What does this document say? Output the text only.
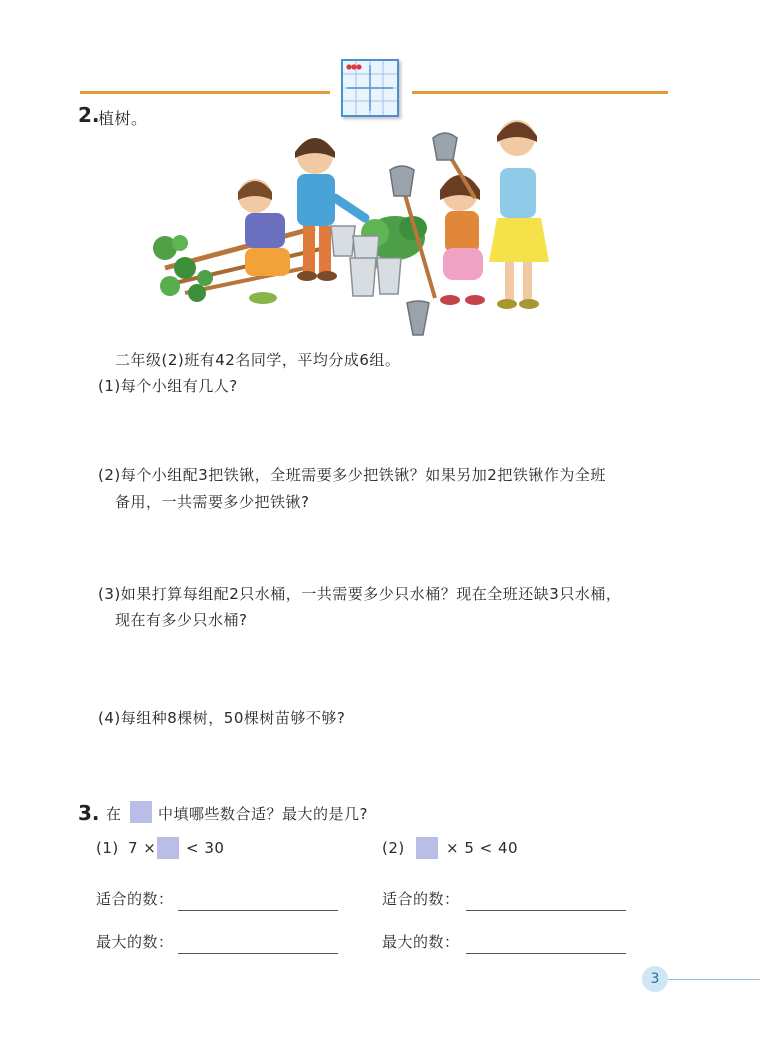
2.
植树。
二年级(2)班有42名同学，平均分成6组。
(1)每个小组有几人?
(2)每个小组配3把铁锹，全班需要多少把铁锹？如果另加2把铁锹作为全班
备用，一共需要多少把铁锹?
(3)如果打算每组配2只水桶，一共需要多少只水桶？现在全班还缺3只水桶，
现在有多少只水桶?
(4)每组种8棵树，50棵树苗够不够?
3. 在 中填哪些数合适？最大的是几?
(1) 7 × < 30	(2)	× 5 < 40
适合的数：	适合的数：
最大的数：	最大的数：
3
